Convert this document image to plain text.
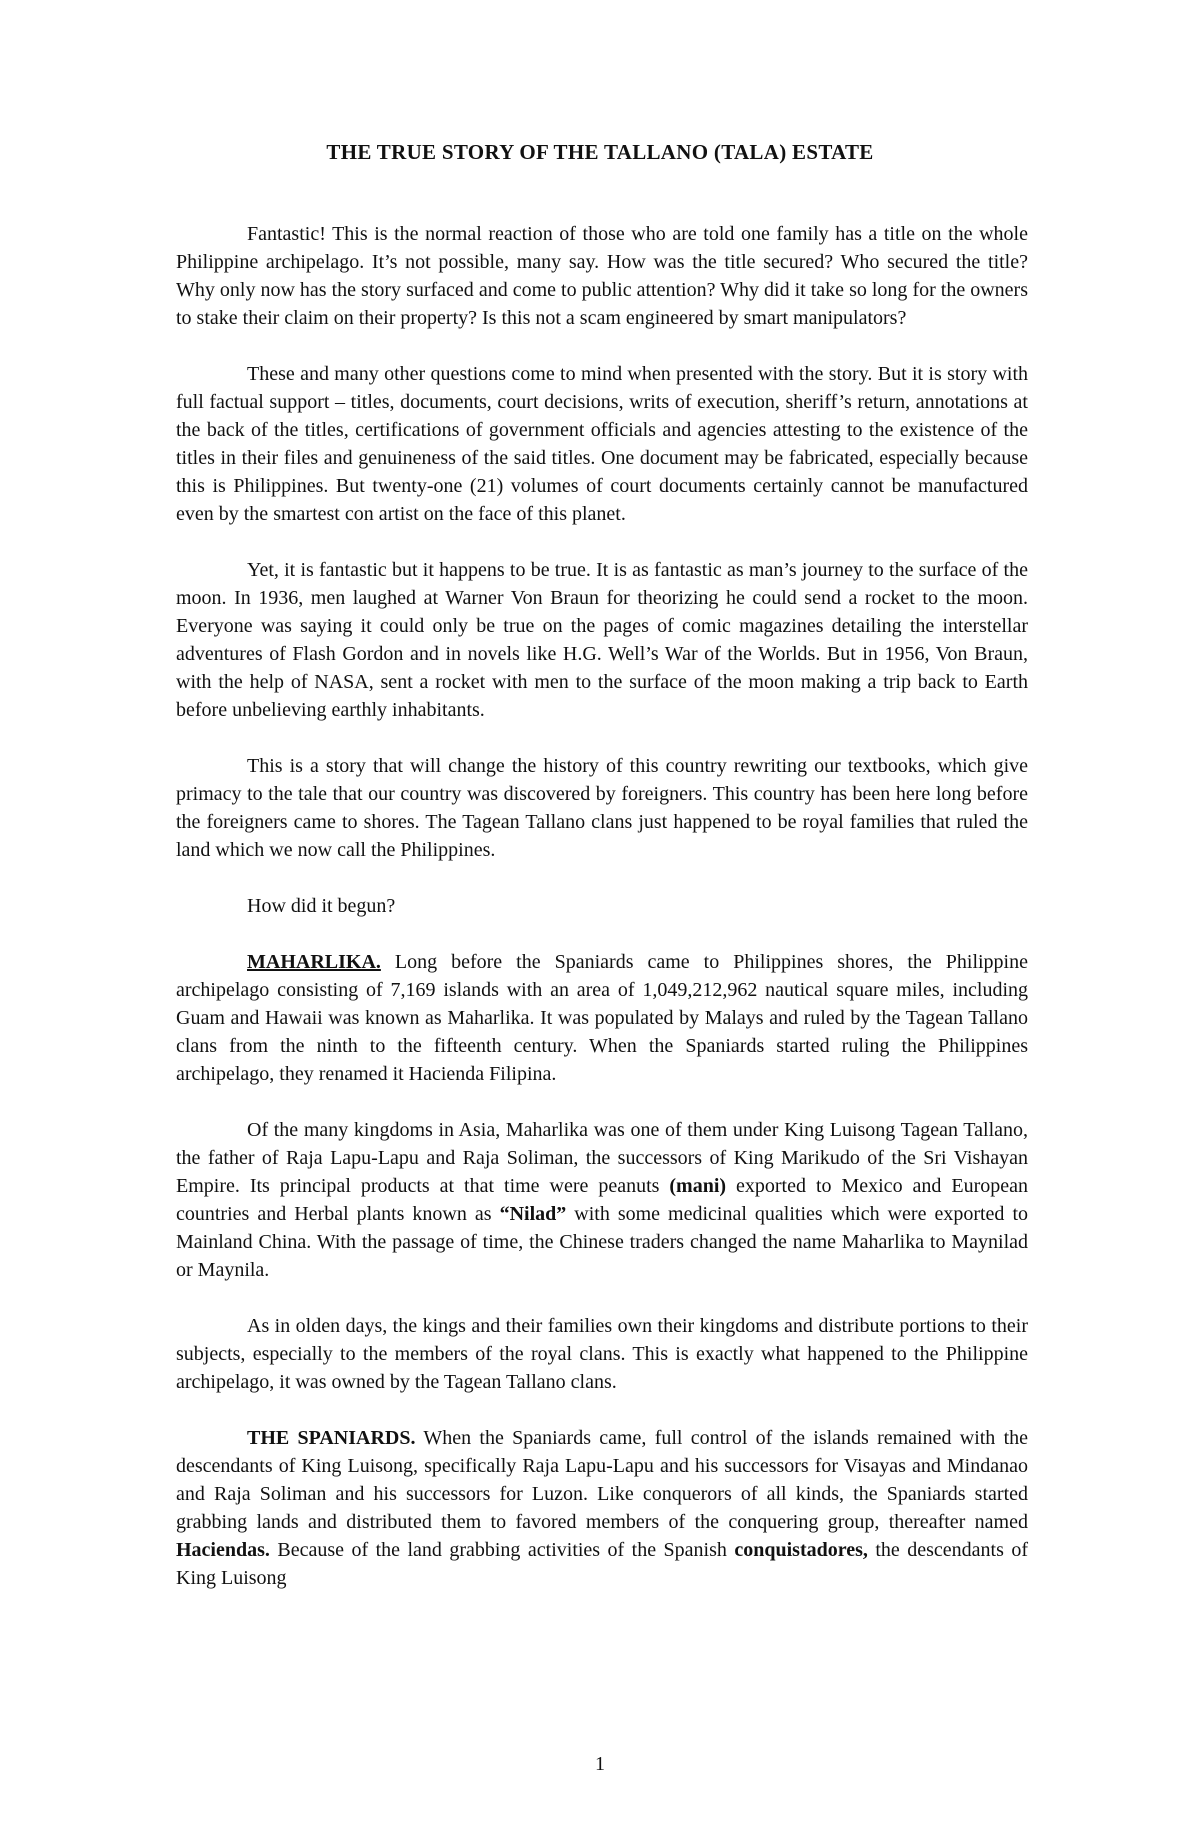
THE TRUE STORY OF THE TALLANO (TALA) ESTATE

Fantastic! This is the normal reaction of those who are told one family has a title on the whole Philippine archipelago. It’s not possible, many say. How was the title secured? Who secured the title? Why only now has the story surfaced and come to public attention? Why did it take so long for the owners to stake their claim on their property? Is this not a scam engineered by smart manipulators?

These and many other questions come to mind when presented with the story. But it is story with full factual support – titles, documents, court decisions, writs of execution, sheriff’s return, annotations at the back of the titles, certifications of government officials and agencies attesting to the existence of the titles in their files and genuineness of the said titles. One document may be fabricated, especially because this is Philippines. But twenty-one (21) volumes of court documents certainly cannot be manufactured even by the smartest con artist on the face of this planet.

Yet, it is fantastic but it happens to be true. It is as fantastic as man’s journey to the surface of the moon. In 1936, men laughed at Warner Von Braun for theorizing he could send a rocket to the moon. Everyone was saying it could only be true on the pages of comic magazines detailing the interstellar adventures of Flash Gordon and in novels like H.G. Well’s War of the Worlds. But in 1956, Von Braun, with the help of NASA, sent a rocket with men to the surface of the moon making a trip back to Earth before unbelieving earthly inhabitants.

This is a story that will change the history of this country rewriting our textbooks, which give primacy to the tale that our country was discovered by foreigners. This country has been here long before the foreigners came to shores. The Tagean Tallano clans just happened to be royal families that ruled the land which we now call the Philippines.

How did it begun?

MAHARLIKA. Long before the Spaniards came to Philippines shores, the Philippine archipelago consisting of 7,169 islands with an area of 1,049,212,962 nautical square miles, including Guam and Hawaii was known as Maharlika. It was populated by Malays and ruled by the Tagean Tallano clans from the ninth to the fifteenth century. When the Spaniards started ruling the Philippines archipelago, they renamed it Hacienda Filipina.

Of the many kingdoms in Asia, Maharlika was one of them under King Luisong Tagean Tallano, the father of Raja Lapu-Lapu and Raja Soliman, the successors of King Marikudo of the Sri Vishayan Empire. Its principal products at that time were peanuts (mani) exported to Mexico and European countries and Herbal plants known as “Nilad” with some medicinal qualities which were exported to Mainland China. With the passage of time, the Chinese traders changed the name Maharlika to Maynilad or Maynila.

As in olden days, the kings and their families own their kingdoms and distribute portions to their subjects, especially to the members of the royal clans. This is exactly what happened to the Philippine archipelago, it was owned by the Tagean Tallano clans.

THE SPANIARDS. When the Spaniards came, full control of the islands remained with the descendants of King Luisong, specifically Raja Lapu-Lapu and his successors for Visayas and Mindanao and Raja Soliman and his successors for Luzon. Like conquerors of all kinds, the Spaniards started grabbing lands and distributed them to favored members of the conquering group, thereafter named Haciendas. Because of the land grabbing activities of the Spanish conquistadores, the descendants of King Luisong

1
